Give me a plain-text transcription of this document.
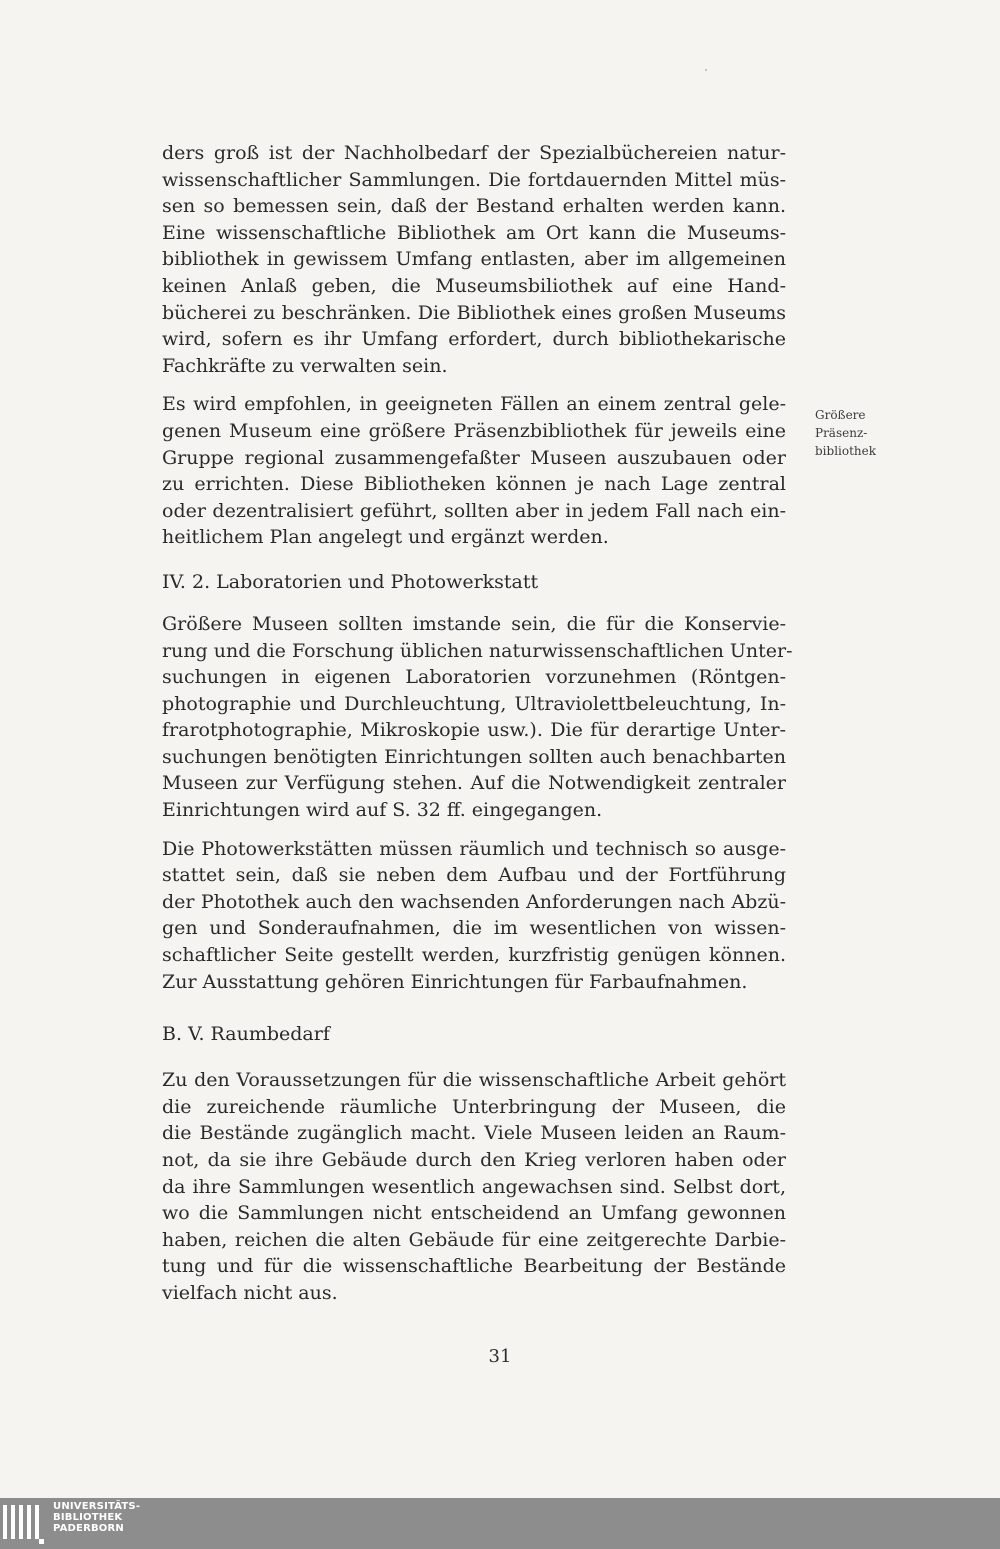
ders groß ist der Nachholbedarf der Spezialbüchereien natur-
wissenschaftlicher Sammlungen. Die fortdauernden Mittel müs-
sen so bemessen sein, daß der Bestand erhalten werden kann.
Eine wissenschaftliche Bibliothek am Ort kann die Museums-
bibliothek in gewissem Umfang entlasten, aber im allgemeinen
keinen Anlaß geben, die Museumsbiliothek auf eine Hand-
bücherei zu beschränken. Die Bibliothek eines großen Museums
wird, sofern es ihr Umfang erfordert, durch bibliothekarische
Fachkräfte zu verwalten sein.
Es wird empfohlen, in geeigneten Fällen an einem zentral gele-
genen Museum eine größere Präsenzbibliothek für jeweils eine
Gruppe regional zusammengefaßter Museen auszubauen oder
zu errichten. Diese Bibliotheken können je nach Lage zentral
oder dezentralisiert geführt, sollten aber in jedem Fall nach ein-
heitlichem Plan angelegt und ergänzt werden.
IV. 2. Laboratorien und Photowerkstatt
Größere Museen sollten imstande sein, die für die Konservie-
rung und die Forschung üblichen naturwissenschaftlichen Unter-
suchungen in eigenen Laboratorien vorzunehmen (Röntgen-
photographie und Durchleuchtung, Ultraviolettbeleuchtung, In-
frarotphotographie, Mikroskopie usw.). Die für derartige Unter-
suchungen benötigten Einrichtungen sollten auch benachbarten
Museen zur Verfügung stehen. Auf die Notwendigkeit zentraler
Einrichtungen wird auf S. 32 ff. eingegangen.
Die Photowerkstätten müssen räumlich und technisch so ausge-
stattet sein, daß sie neben dem Aufbau und der Fortführung
der Photothek auch den wachsenden Anforderungen nach Abzü-
gen und Sonderaufnahmen, die im wesentlichen von wissen-
schaftlicher Seite gestellt werden, kurzfristig genügen können.
Zur Ausstattung gehören Einrichtungen für Farbaufnahmen.
B. V. Raumbedarf
Zu den Voraussetzungen für die wissenschaftliche Arbeit gehört
die zureichende räumliche Unterbringung der Museen, die
die Bestände zugänglich macht. Viele Museen leiden an Raum-
not, da sie ihre Gebäude durch den Krieg verloren haben oder
da ihre Sammlungen wesentlich angewachsen sind. Selbst dort,
wo die Sammlungen nicht entscheidend an Umfang gewonnen
haben, reichen die alten Gebäude für eine zeitgerechte Darbie-
tung und für die wissenschaftliche Bearbeitung der Bestände
vielfach nicht aus.
Größere
Präsenz-
bibliothek
31
UNIVERSITÄTS-
BIBLIOTHEK
PADERBORN
